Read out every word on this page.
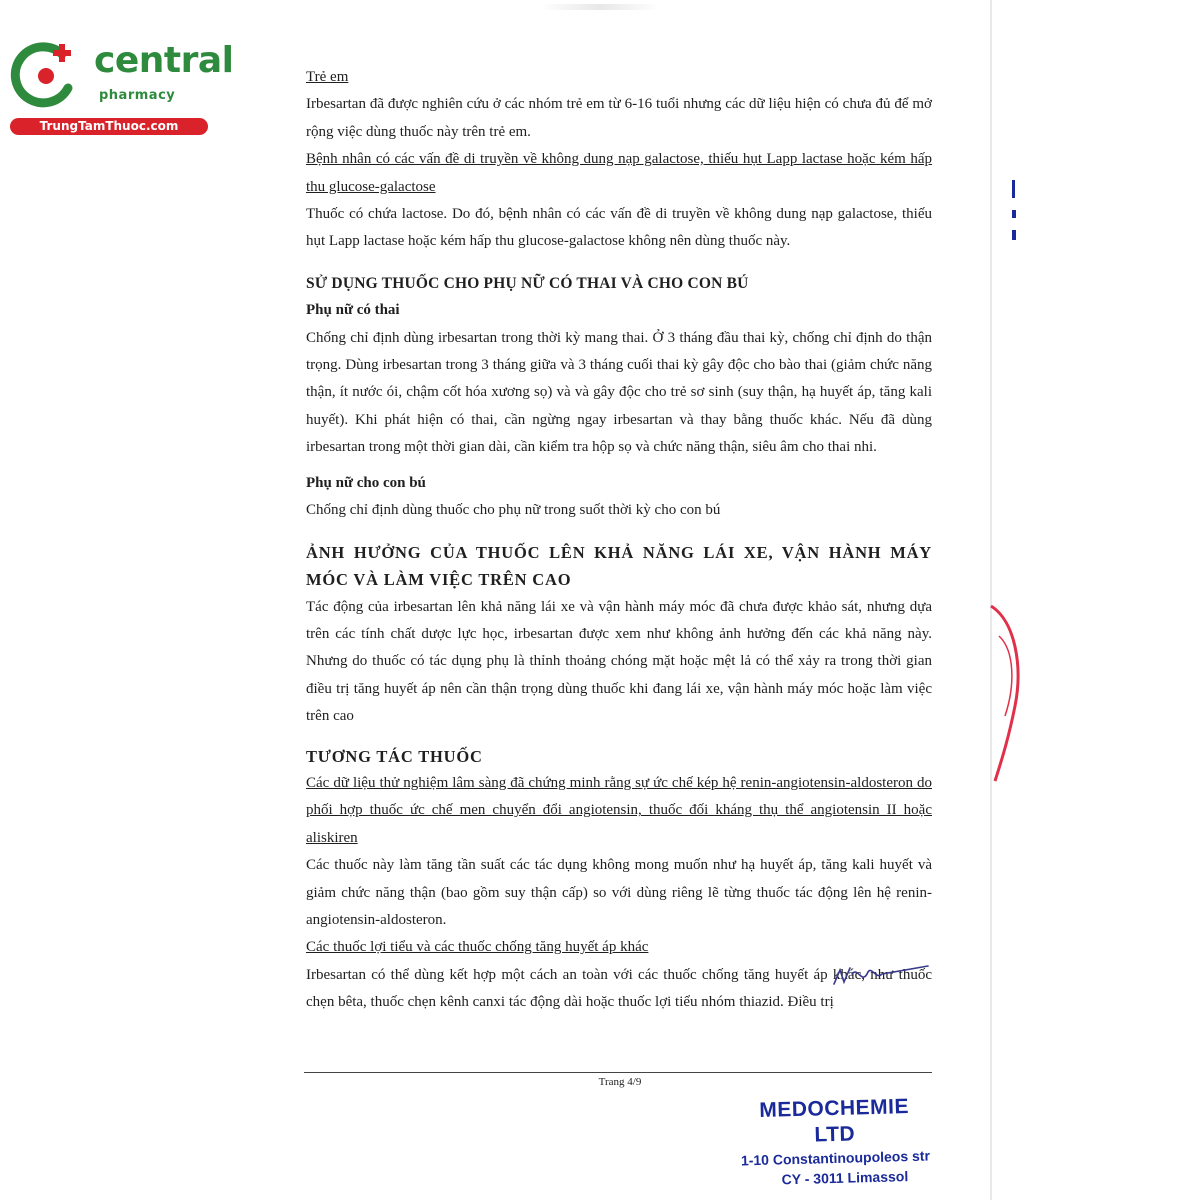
central
pharmacy
TrungTamThuoc.com

Trẻ em

Irbesartan đã được nghiên cứu ở các nhóm trẻ em từ 6-16 tuổi nhưng các dữ liệu hiện có chưa đủ để mở rộng việc dùng thuốc này trên trẻ em.

Bệnh nhân có các vấn đề di truyền về không dung nạp galactose, thiếu hụt Lapp lactase hoặc kém hấp thu glucose-galactose

Thuốc có chứa lactose. Do đó, bệnh nhân có các vấn đề di truyền về không dung nạp galactose, thiếu hụt Lapp lactase hoặc kém hấp thu glucose-galactose không nên dùng thuốc này.

SỬ DỤNG THUỐC CHO PHỤ NỮ CÓ THAI VÀ CHO CON BÚ

Phụ nữ có thai

Chống chỉ định dùng irbesartan trong thời kỳ mang thai. Ở 3 tháng đầu thai kỳ, chống chỉ định do thận trọng. Dùng irbesartan trong 3 tháng giữa và 3 tháng cuối thai kỳ gây độc cho bào thai (giảm chức năng thận, ít nước ói, chậm cốt hóa xương sọ) và và gây độc cho trẻ sơ sinh (suy thận, hạ huyết áp, tăng kali huyết). Khi phát hiện có thai, cần ngừng ngay irbesartan và thay bằng thuốc khác. Nếu đã dùng irbesartan trong một thời gian dài, cần kiểm tra hộp sọ và chức năng thận, siêu âm cho thai nhi.

Phụ nữ cho con bú

Chống chỉ định dùng thuốc cho phụ nữ trong suốt thời kỳ cho con bú

ẢNH HƯỞNG CỦA THUỐC LÊN KHẢ NĂNG LÁI XE, VẬN HÀNH MÁY MÓC VÀ LÀM VIỆC TRÊN CAO

Tác động của irbesartan lên khả năng lái xe và vận hành máy móc đã chưa được khảo sát, nhưng dựa trên các tính chất dược lực học, irbesartan được xem như không ảnh hưởng đến các khả năng này. Nhưng do thuốc có tác dụng phụ là thỉnh thoảng chóng mặt hoặc mệt lả có thể xảy ra trong thời gian điều trị tăng huyết áp nên cần thận trọng dùng thuốc khi đang lái xe, vận hành máy móc hoặc làm việc trên cao

TƯƠNG TÁC THUỐC

Các dữ liệu thử nghiệm lâm sàng đã chứng minh rằng sự ức chế kép hệ renin-angiotensin-aldosteron do phối hợp thuốc ức chế men chuyển đổi angiotensin, thuốc đối kháng thụ thể angiotensin II hoặc aliskiren

Các thuốc này làm tăng tần suất các tác dụng không mong muốn như hạ huyết áp, tăng kali huyết và giảm chức năng thận (bao gồm suy thận cấp) so với dùng riêng lẽ từng thuốc tác động lên hệ renin-angiotensin-aldosteron.

Các thuốc lợi tiểu và các thuốc chống tăng huyết áp khác

Irbesartan có thể dùng kết hợp một cách an toàn với các thuốc chống tăng huyết áp khác, như thuốc chẹn bêta, thuốc chẹn kênh canxi tác động dài hoặc thuốc lợi tiểu nhóm thiazid. Điều trị

Trang 4/9
MEDOCHEMIE LTD
1-10 Constantinoupoleos str
CY - 3011 Limassol
